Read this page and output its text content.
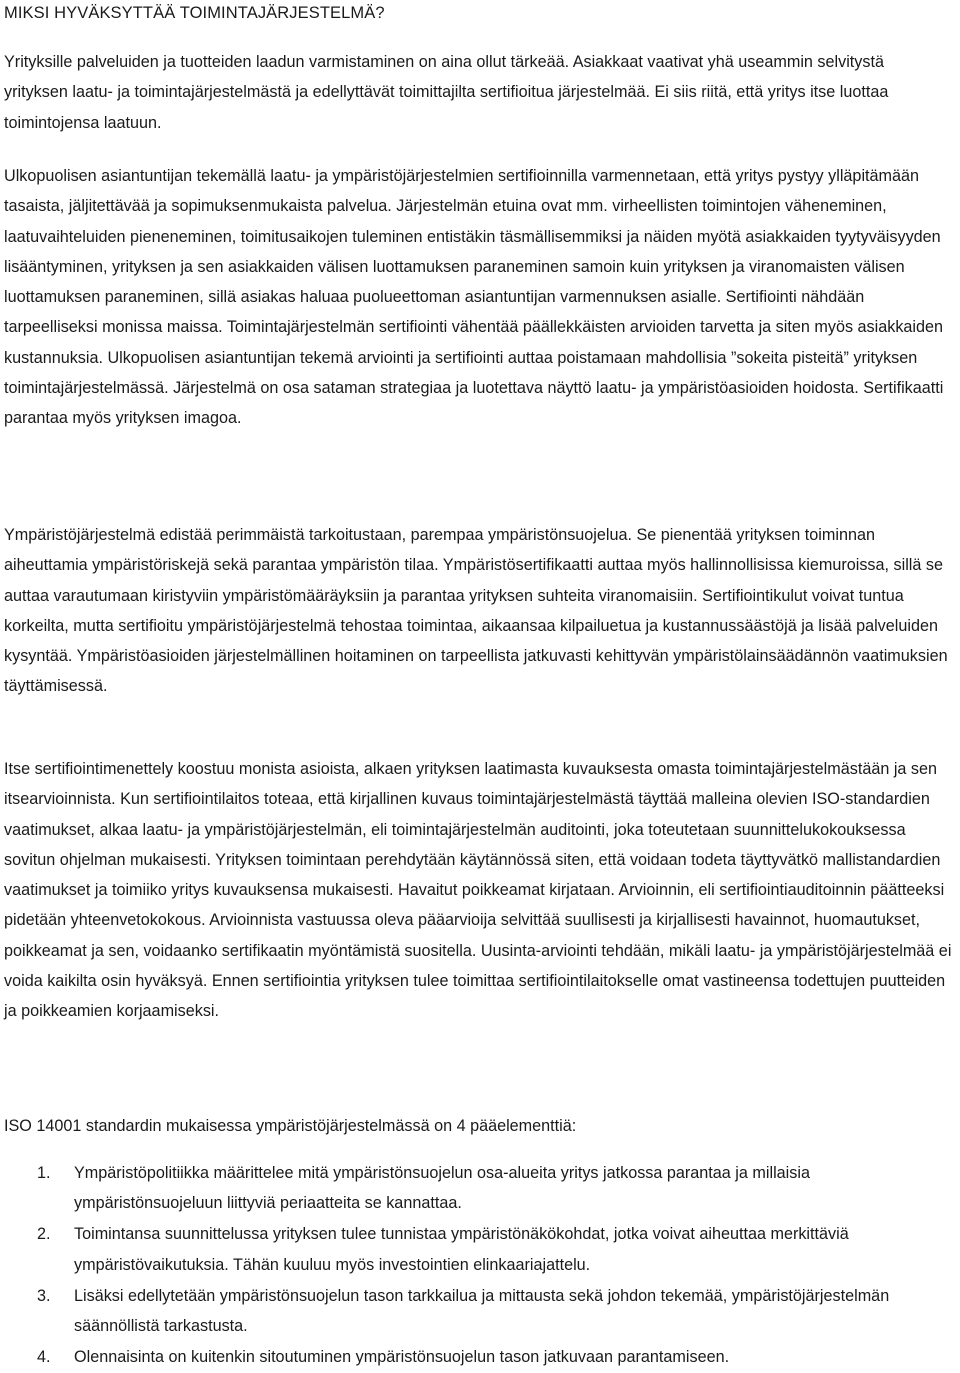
MIKSI HYVÄKSYTTÄÄ TOIMINTAJÄRJESTELMÄ?

Yrityksille palveluiden ja tuotteiden laadun varmistaminen on aina ollut tärkeää. Asiakkaat vaativat yhä useammin selvitystä yrityksen laatu- ja toimintajärjestelmästä ja edellyttävät toimittajilta sertifioitua järjestelmää. Ei siis riitä, että yritys itse luottaa toimintojensa laatuun.

Ulkopuolisen asiantuntijan tekemällä laatu- ja ympäristöjärjestelmien sertifioinnilla varmennetaan, että yritys pystyy ylläpitämään tasaista, jäljitettävää ja sopimuksenmukaista palvelua. Järjestelmän etuina ovat mm. virheellisten toimintojen väheneminen, laatuvaihteluiden pieneneminen, toimitusaikojen tuleminen entistäkin täsmällisemmiksi ja näiden myötä asiakkaiden tyytyväisyyden lisääntyminen, yrityksen ja sen asiakkaiden välisen luottamuksen paraneminen samoin kuin yrityksen ja viranomaisten välisen luottamuksen paraneminen, sillä asiakas haluaa puolueettoman asiantuntijan varmennuksen asialle. Sertifiointi nähdään tarpeelliseksi monissa maissa. Toimintajärjestelmän sertifiointi vähentää päällekkäisten arvioiden tarvetta ja siten myös asiakkaiden kustannuksia. Ulkopuolisen asiantuntijan tekemä arviointi ja sertifiointi auttaa poistamaan mahdollisia ”sokeita pisteitä” yrityksen toimintajärjestelmässä. Järjestelmä on osa sataman strategiaa ja luotettava näyttö laatu- ja ympäristöasioiden hoidosta. Sertifikaatti parantaa myös yrityksen imagoa.

Ympäristöjärjestelmä edistää perimmäistä tarkoitustaan, parempaa ympäristönsuojelua. Se pienentää yrityksen toiminnan aiheuttamia ympäristöriskejä sekä parantaa ympäristön tilaa. Ympäristösertifikaatti auttaa myös hallinnollisissa kiemuroissa, sillä se auttaa varautumaan kiristyviin ympäristömääräyksiin ja parantaa yrityksen suhteita viranomaisiin. Sertifiointikulut voivat tuntua korkeilta, mutta sertifioitu ympäristöjärjestelmä tehostaa toimintaa, aikaansaa kilpailuetua ja kustannussäästöjä ja lisää palveluiden kysyntää. Ympäristöasioiden järjestelmällinen hoitaminen on tarpeellista jatkuvasti kehittyvän ympäristölainsäädännön vaatimuksien täyttämisessä.

Itse sertifiointimenettely koostuu monista asioista, alkaen yrityksen laatimasta kuvauksesta omasta toimintajärjestelmästään ja sen itsearvioinnista. Kun sertifiointilaitos toteaa, että kirjallinen kuvaus toimintajärjestelmästä täyttää malleina olevien ISO-standardien vaatimukset, alkaa laatu- ja ympäristöjärjestelmän, eli toimintajärjestelmän auditointi, joka toteutetaan suunnittelukokouksessa sovitun ohjelman mukaisesti. Yrityksen toimintaan perehdytään käytännössä siten, että voidaan todeta täyttyvätkö mallistandardien vaatimukset ja toimiiko yritys kuvauksensa mukaisesti. Havaitut poikkeamat kirjataan. Arvioinnin, eli sertifiointiauditoinnin päätteeksi pidetään yhteenvetokokous. Arvioinnista vastuussa oleva pääarvioija selvittää suullisesti ja kirjallisesti havainnot, huomautukset, poikkeamat ja sen, voidaanko sertifikaatin myöntämistä suositella. Uusinta-arviointi tehdään, mikäli laatu- ja ympäristöjärjestelmää ei voida kaikilta osin hyväksyä. Ennen sertifiointia yrityksen tulee toimittaa sertifiointilaitokselle omat vastineensa todettujen puutteiden ja poikkeamien korjaamiseksi.

ISO 14001 standardin mukaisessa ympäristöjärjestelmässä on 4 pääelementtiä:

1. Ympäristöpolitiikka määrittelee mitä ympäristönsuojelun osa-alueita yritys jatkossa parantaa ja millaisia ympäristönsuojeluun liittyviä periaatteita se kannattaa.
2. Toimintansa suunnittelussa yrityksen tulee tunnistaa ympäristönäkökohdat, jotka voivat aiheuttaa merkittäviä ympäristövaikutuksia. Tähän kuuluu myös investointien elinkaariajattelu.
3. Lisäksi edellytetään ympäristönsuojelun tason tarkkailua ja mittausta sekä johdon tekemää, ympäristöjärjestelmän säännöllistä tarkastusta.
4. Olennaisinta on kuitenkin sitoutuminen ympäristönsuojelun tason jatkuvaan parantamiseen.
